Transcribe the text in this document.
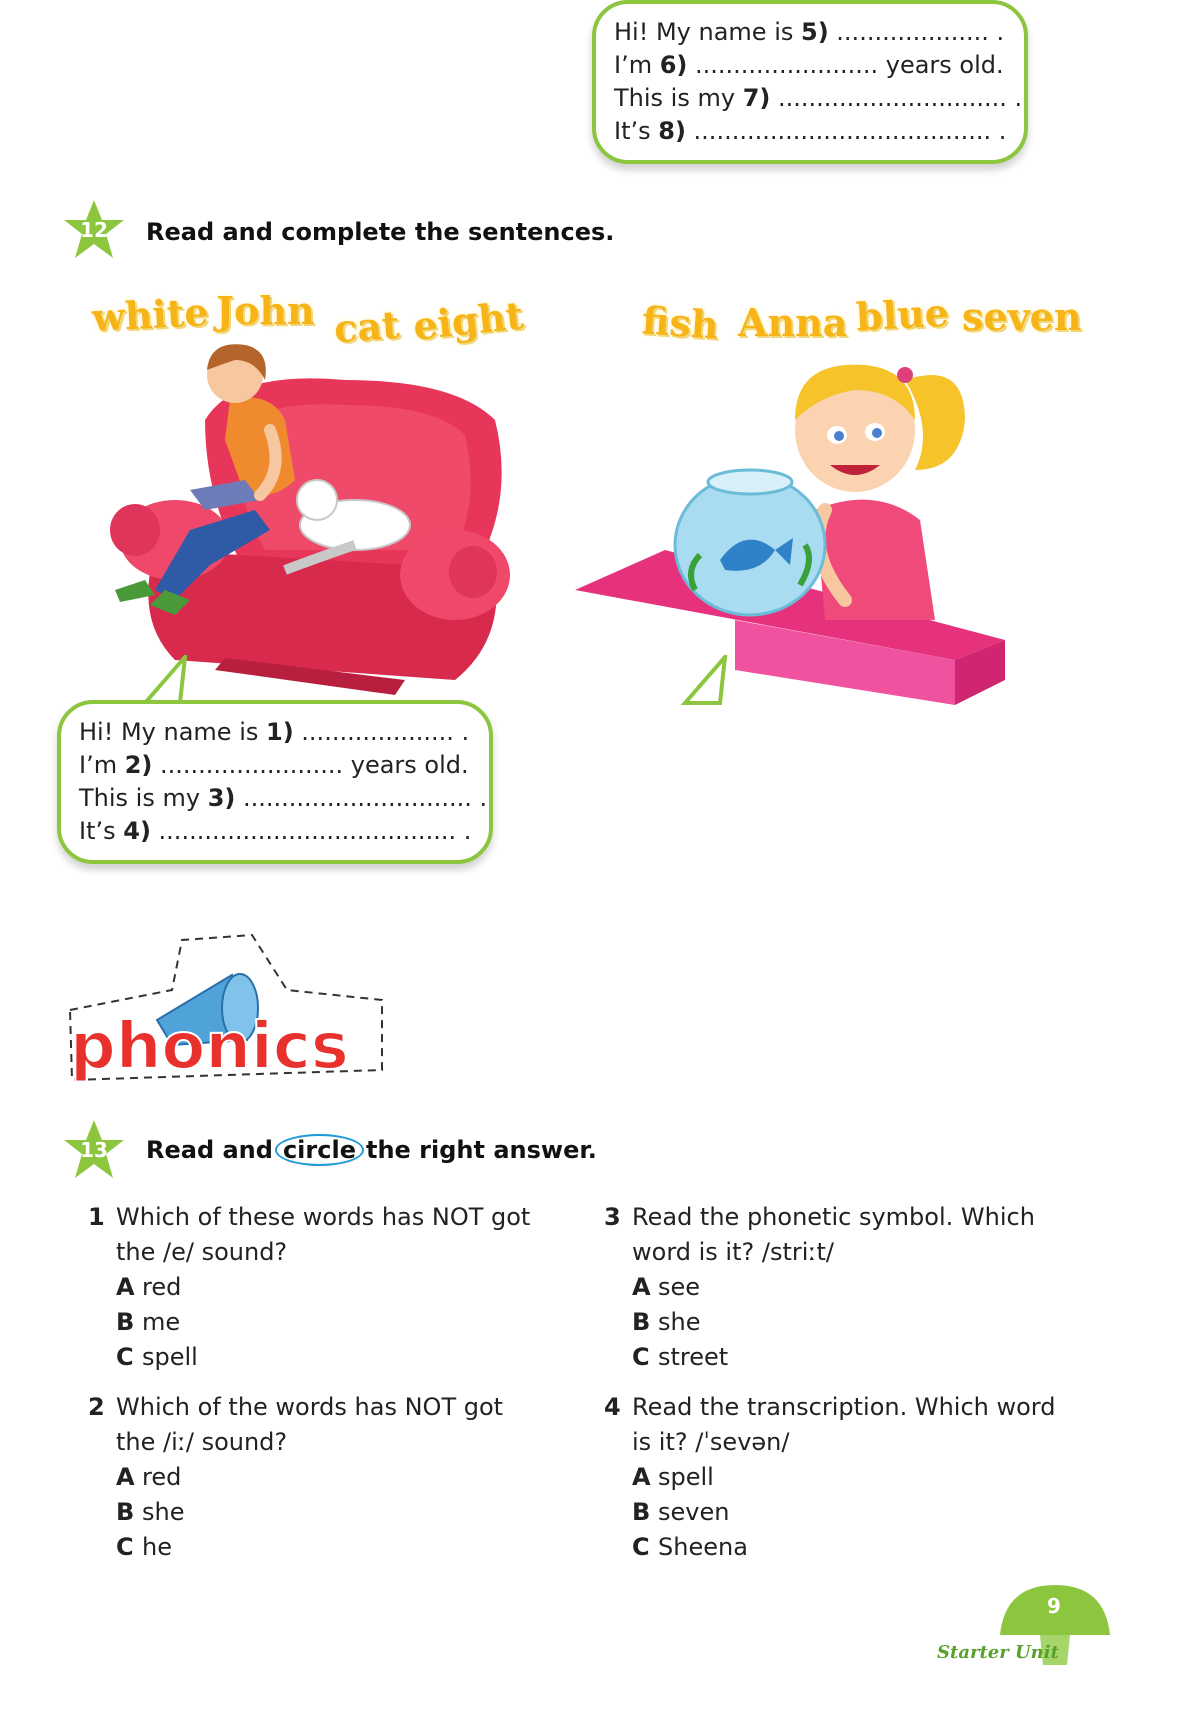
12	Read and complete the sentences.
white John cat eight	fish Anna blue seven
Hi! My name is 1) .................... .
I’m 2) ........................ years old.
This is my 3) .............................. .
It’s 4) ....................................... .
Hi! My name is 5) .................... .
I’m 6) ........................ years old.
This is my 7) .............................. .
It’s 8) ....................................... .
phonics
13	Read and circle the right answer.
1 Which of these words has NOT got the /e/ sound?
A red
B me
C spell
2 Which of the words has NOT got the /iː/ sound?
A red
B she
C he
3 Read the phonetic symbol. Which word is it? /striːt/
A see
B she
C street
4 Read the transcription. Which word is it? /ˈsevən/
A spell
B seven
C Sheena
9
Starter Unit
